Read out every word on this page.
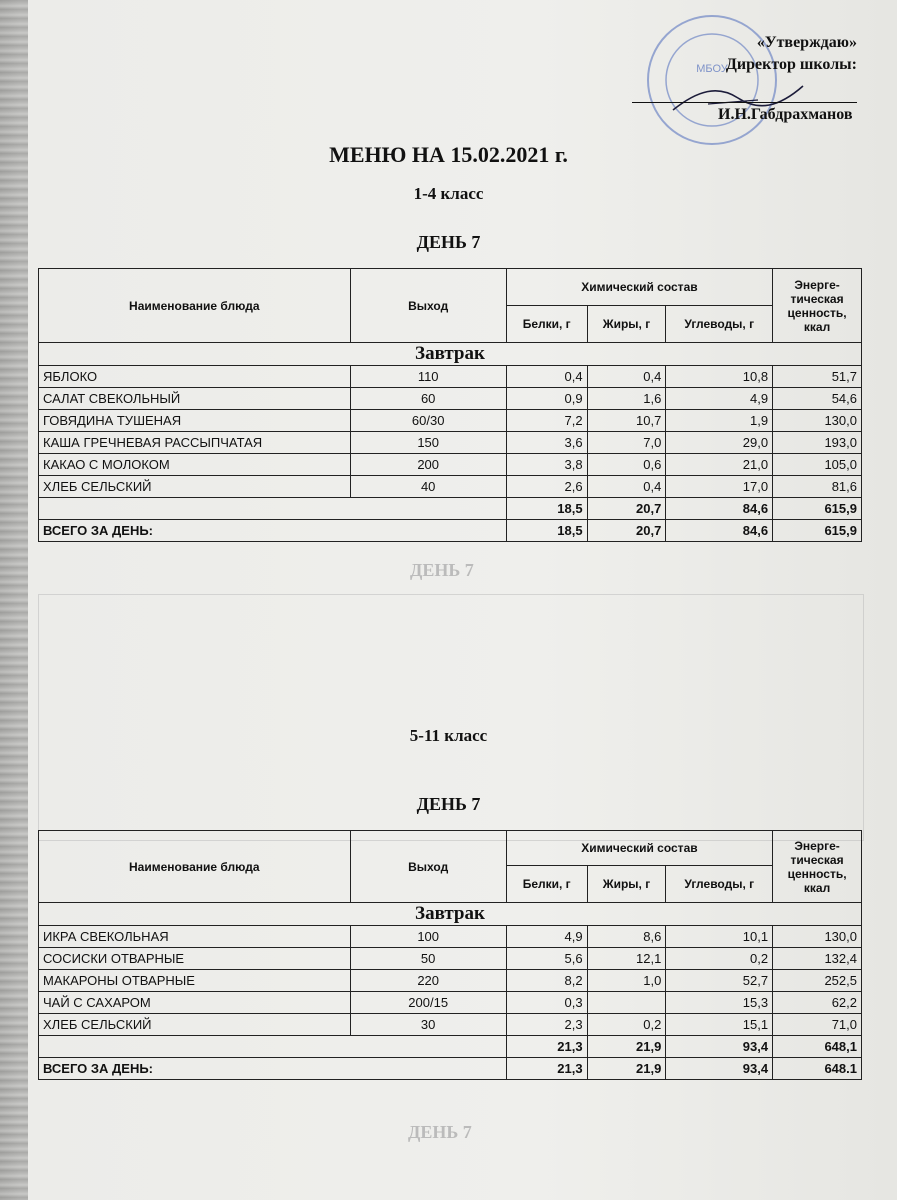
ДЕНЬ 7
ДЕНЬ 7
МБОУ
«Утверждаю»
Директор школы:
И.Н.Габдрахманов
МЕНЮ НА 15.02.2021 г.
1-4 класс
ДЕНЬ 7
Наименование блюда	Выход	Химический состав			Энерге-тическая ценность, ккал
		Белки, г	Жиры, г	Углеводы, г	
Завтрак					
ЯБЛОКО	110	0,4	0,4	10,8	51,7
САЛАТ СВЕКОЛЬНЫЙ	60	0,9	1,6	4,9	54,6
ГОВЯДИНА ТУШЕНАЯ	60/30	7,2	10,7	1,9	130,0
КАША ГРЕЧНЕВАЯ РАССЫПЧАТАЯ	150	3,6	7,0	29,0	193,0
КАКАО С МОЛОКОМ	200	3,8	0,6	21,0	105,0
ХЛЕБ СЕЛЬСКИЙ	40	2,6	0,4	17,0	81,6
		18,5	20,7	84,6	615,9
ВСЕГО ЗА ДЕНЬ:		18,5	20,7	84,6	615,9
5-11 класс
ДЕНЬ 7
Наименование блюда	Выход	Химический состав			Энерге-тическая ценность, ккал
		Белки, г	Жиры, г	Углеводы, г	
Завтрак					
ИКРА СВЕКОЛЬНАЯ	100	4,9	8,6	10,1	130,0
СОСИСКИ ОТВАРНЫЕ	50	5,6	12,1	0,2	132,4
МАКАРОНЫ ОТВАРНЫЕ	220	8,2	1,0	52,7	252,5
ЧАЙ С САХАРОМ	200/15	0,3		15,3	62,2
ХЛЕБ СЕЛЬСКИЙ	30	2,3	0,2	15,1	71,0
		21,3	21,9	93,4	648,1
ВСЕГО ЗА ДЕНЬ:		21,3	21,9	93,4	648.1
